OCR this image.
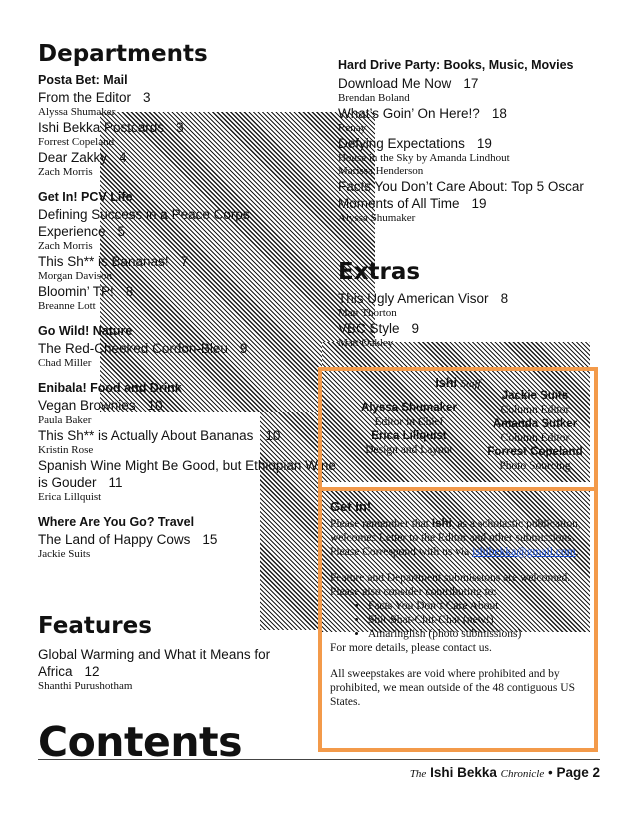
Departments
Posta Bet: Mail
From the Editor 3
Alyssa Shumaker
Ishi Bekka Postcards 3
Forrest Copeland
Dear Zakky 4
Zach Morris
Get In! PCV Life
Defining Success in a Peace Corps Experience 5
Zach Morris
This Sh** is Bananas! 7
Morgan Davison
Bloomin’ TP! 8
Breanne Lott
Go Wild! Nature
The Red-Cheeked Cordon-Bleu 9
Chad Miller
Enibala! Food and Drink
Vegan Brownies 10
Paula Baker
This Sh** is Actually About Bananas 10
Kristin Rose
Spanish Wine Might Be Good, but Ethiopian Wine is Gouder 11
Erica Lillquist
Where Are You Go? Travel
The Land of Happy Cows 15
Jackie Suits
Features
Global Warming and What it Means for Africa 12
Shanthi Purushotham
Contents
Hard Drive Party: Books, Music, Movies
Download Me Now 17
Brendan Boland
What’s Goin’ On Here!? 18
Renay
Defying Expectations 19
House in the Sky by Amanda Lindhout
Marissa Henderson
Facts You Don’t Care About: Top 5 Oscar Moments of All Time 19
Alyssa Shumaker
Extras
This Ugly American Visor 8
Matt Thorton
VBC Style 9
Matt Oakley
Ishi Staff
Alyssa Shumaker
Editor in Chief
Erica Lillquist
Design and Layout
Jackie Suits
Column Editor
Amanda Sutker
Column Editor
Forrest Copeland
Photo Sourcing
Get In!
Please remember that Ishi, as a scholastic publication, welcomes Letter to the Editor and other submissions. Please Correspond with us via ishibekka@gmail.com.
Feature and Department submissions are welcomed. Please also consider contributing to:
• Facts You Don’t Care About
• Shit-Shat-Chit-Chat (new!)
• Amaringlish (photo submissions)
For more details, please contact us.
All sweepstakes are void where prohibited and by prohibited, we mean outside of the 48 contiguous US States.
The Ishi Bekka Chronicle • Page 2
